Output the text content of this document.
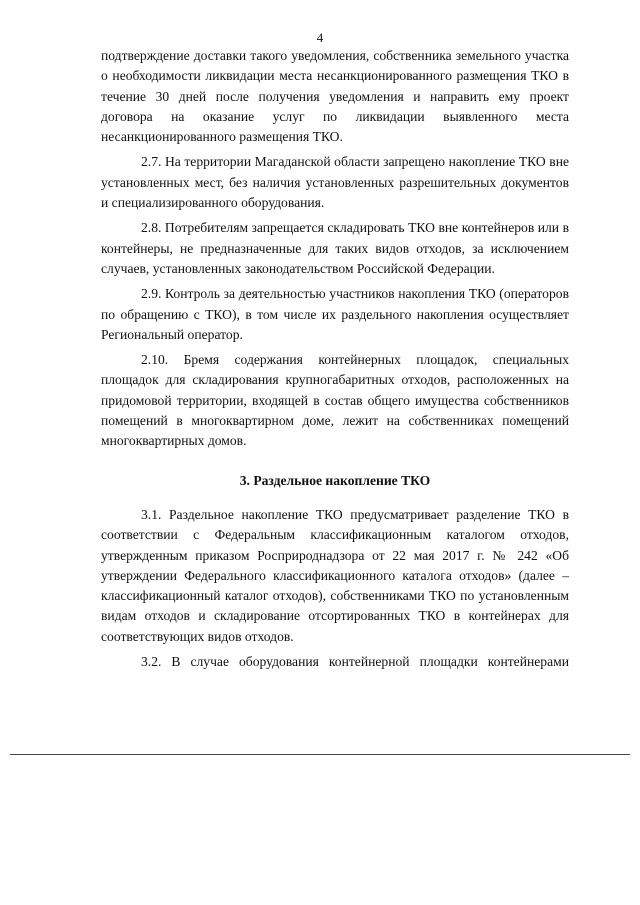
4

подтверждение доставки такого уведомления, собственника земельного участка о необходимости ликвидации места несанкционированного размещения ТКО в течение 30 дней после получения уведомления и направить ему проект договора на оказание услуг по ликвидации выявленного места несанкционированного размещения ТКО.

2.7. На территории Магаданской области запрещено накопление ТКО вне установленных мест, без наличия установленных разрешительных документов и специализированного оборудования.

2.8. Потребителям запрещается складировать ТКО вне контейнеров или в контейнеры, не предназначенные для таких видов отходов, за исключением случаев, установленных законодательством Российской Федерации.

2.9. Контроль за деятельностью участников накопления ТКО (операторов по обращению с ТКО), в том числе их раздельного накопления осуществляет Региональный оператор.

2.10. Бремя содержания контейнерных площадок, специальных площадок для складирования крупногабаритных отходов, расположенных на придомовой территории, входящей в состав общего имущества собственников помещений в многоквартирном доме, лежит на собственниках помещений многоквартирных домов.

3. Раздельное накопление ТКО

3.1. Раздельное накопление ТКО предусматривает разделение ТКО в соответствии с Федеральным классификационным каталогом отходов, утвержденным приказом Росприроднадзора от 22 мая 2017 г. № 242 «Об утверждении Федерального классификационного каталога отходов» (далее – классификационный каталог отходов), собственниками ТКО по установленным видам отходов и складирование отсортированных ТКО в контейнерах для соответствующих видов отходов.

3.2. В случае оборудования контейнерной площадки контейнерами
